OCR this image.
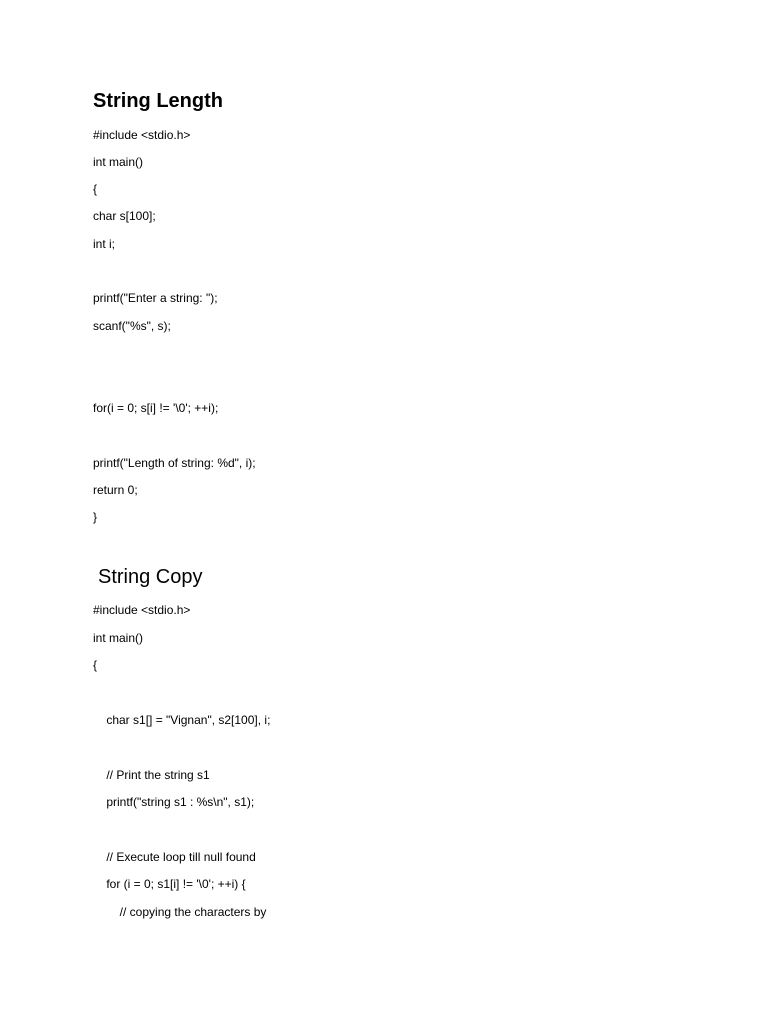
String Length
#include <stdio.h>
int main()
{
char s[100];
int i;
printf("Enter a string: ");
scanf("%s", s);
for(i = 0; s[i] != '\0'; ++i);
printf("Length of string: %d", i);
return 0;
}
String Copy
#include <stdio.h>
int main()
{
char s1[] = "Vignan", s2[100], i;
// Print the string s1
printf("string s1 : %s\n", s1);
// Execute loop till null found
for (i = 0; s1[i] != '\0'; ++i) {
// copying the characters by
